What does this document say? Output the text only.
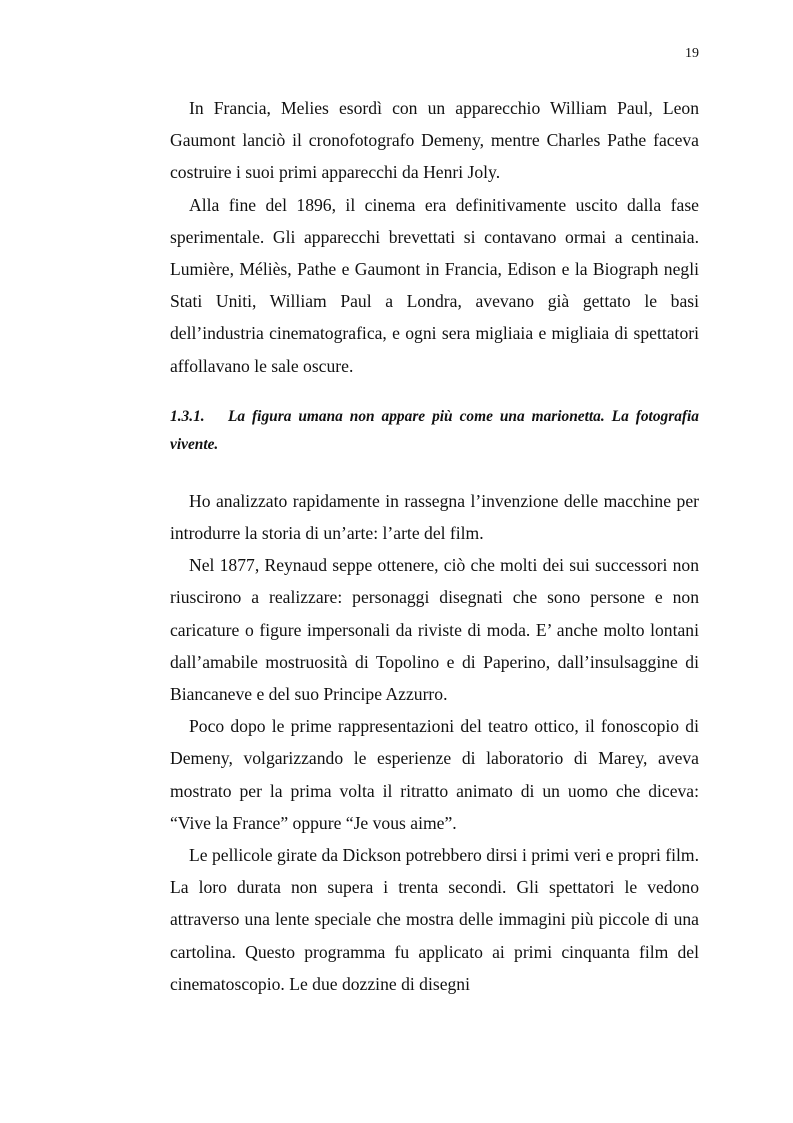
19

In Francia, Melies esordì con un apparecchio William Paul, Leon Gaumont lanciò il cronofotografo Demeny, mentre Charles Pathe faceva costruire i suoi primi apparecchi da Henri Joly.

Alla fine del 1896, il cinema era definitivamente uscito dalla fase sperimentale. Gli apparecchi brevettati si contavano ormai a centinaia. Lumière, Méliès, Pathe e Gaumont in Francia, Edison e la Biograph negli Stati Uniti, William Paul a Londra, avevano già gettato le basi dell’industria cinematografica, e ogni sera migliaia e migliaia di spettatori affollavano le sale oscure.

1.3.1. La figura umana non appare più come una marionetta. La fotografia vivente.

Ho analizzato rapidamente in rassegna l’invenzione delle macchine per introdurre la storia di un’arte: l’arte del film.

Nel 1877, Reynaud seppe ottenere, ciò che molti dei sui successori non riuscirono a realizzare: personaggi disegnati che sono persone e non caricature o figure impersonali da riviste di moda. E’ anche molto lontani dall’amabile mostruosità di Topolino e di Paperino, dall’insulsaggine di Biancaneve e del suo Principe Azzurro.

Poco dopo le prime rappresentazioni del teatro ottico, il fonoscopio di Demeny, volgarizzando le esperienze di laboratorio di Marey, aveva mostrato per la prima volta il ritratto animato di un uomo che diceva: “Vive la France” oppure “Je vous aime”.

Le pellicole girate da Dickson potrebbero dirsi i primi veri e propri film. La loro durata non supera i trenta secondi. Gli spettatori le vedono attraverso una lente speciale che mostra delle immagini più piccole di una cartolina. Questo programma fu applicato ai primi cinquanta film del cinematoscopio. Le due dozzine di disegni
